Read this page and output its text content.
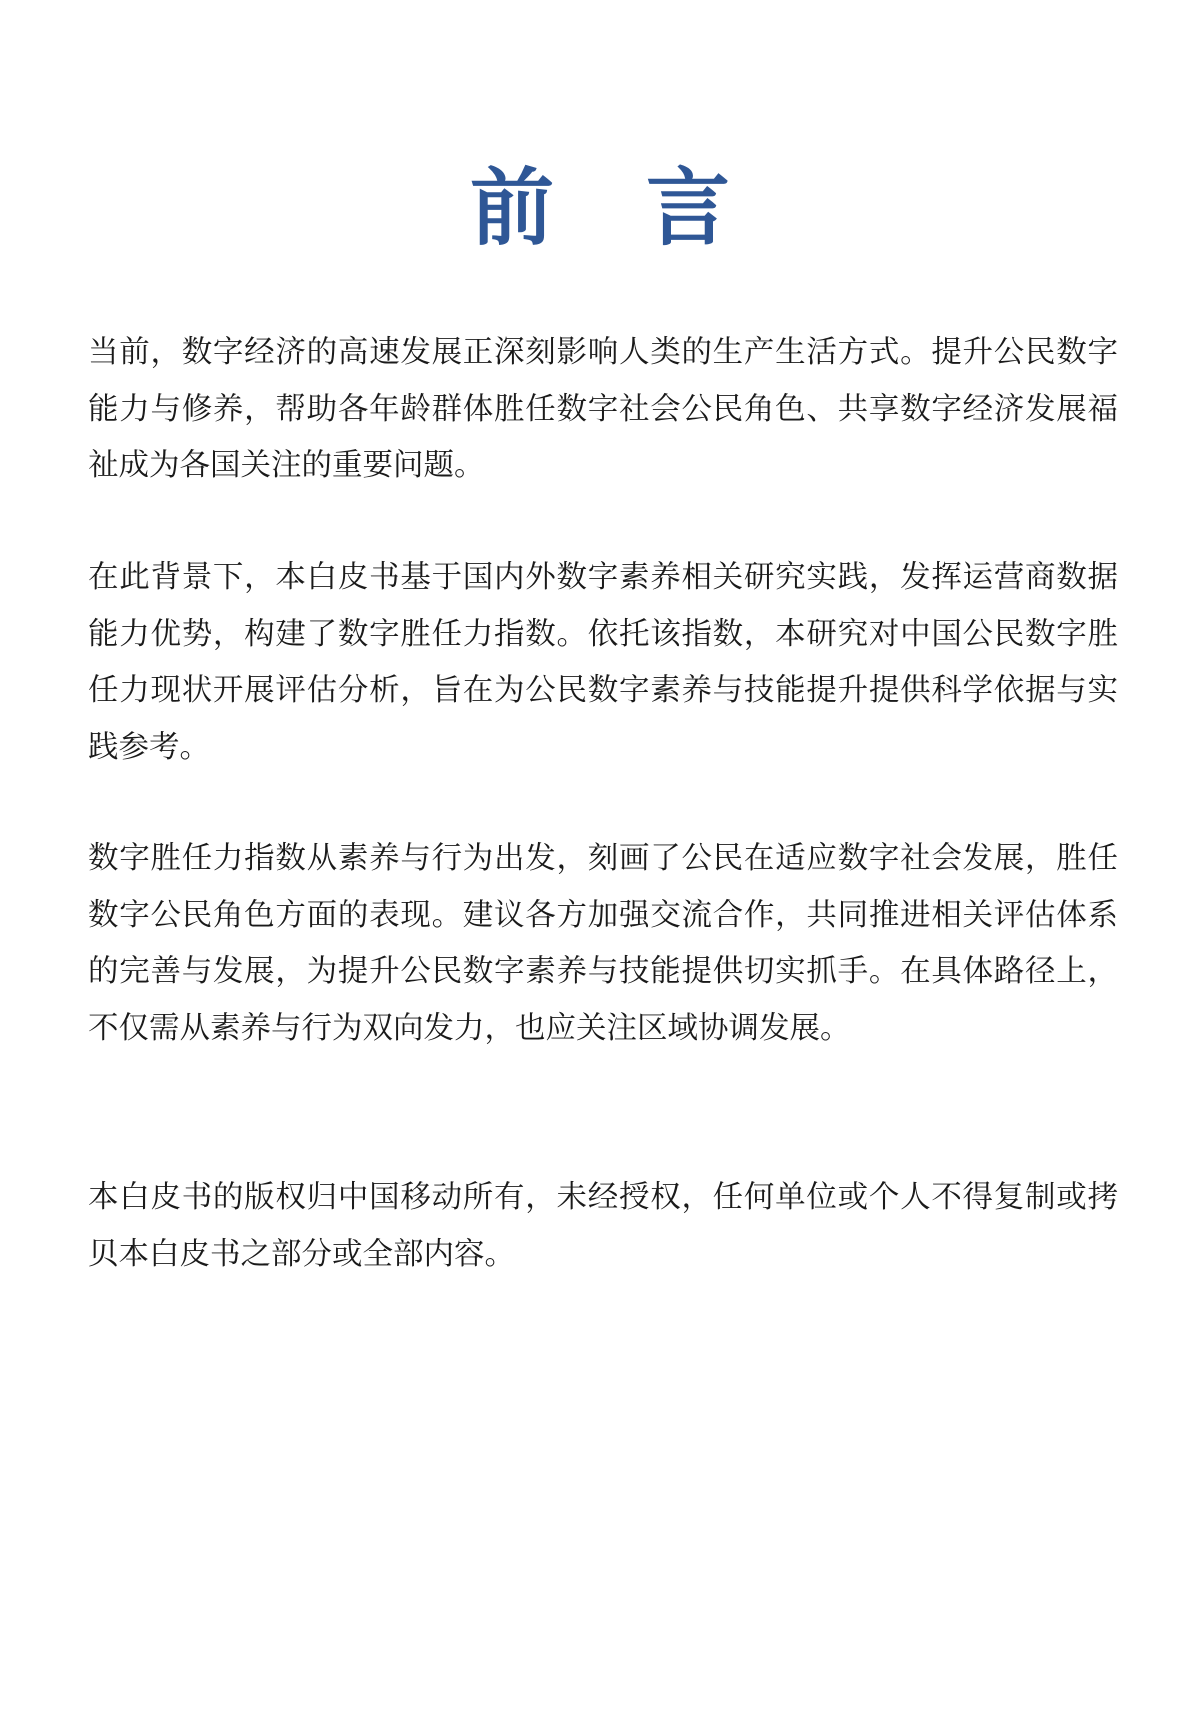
前 言

当前，数字经济的高速发展正深刻影响人类的生产生活方式。提升公民数字能力与修养，帮助各年龄群体胜任数字社会公民角色、共享数字经济发展福祉成为各国关注的重要问题。

在此背景下，本白皮书基于国内外数字素养相关研究实践，发挥运营商数据能力优势，构建了数字胜任力指数。依托该指数，本研究对中国公民数字胜任力现状开展评估分析，旨在为公民数字素养与技能提升提供科学依据与实践参考。

数字胜任力指数从素养与行为出发，刻画了公民在适应数字社会发展，胜任数字公民角色方面的表现。建议各方加强交流合作，共同推进相关评估体系的完善与发展，为提升公民数字素养与技能提供切实抓手。在具体路径上，不仅需从素养与行为双向发力，也应关注区域协调发展。

本白皮书的版权归中国移动所有，未经授权，任何单位或个人不得复制或拷贝本白皮书之部分或全部内容。
